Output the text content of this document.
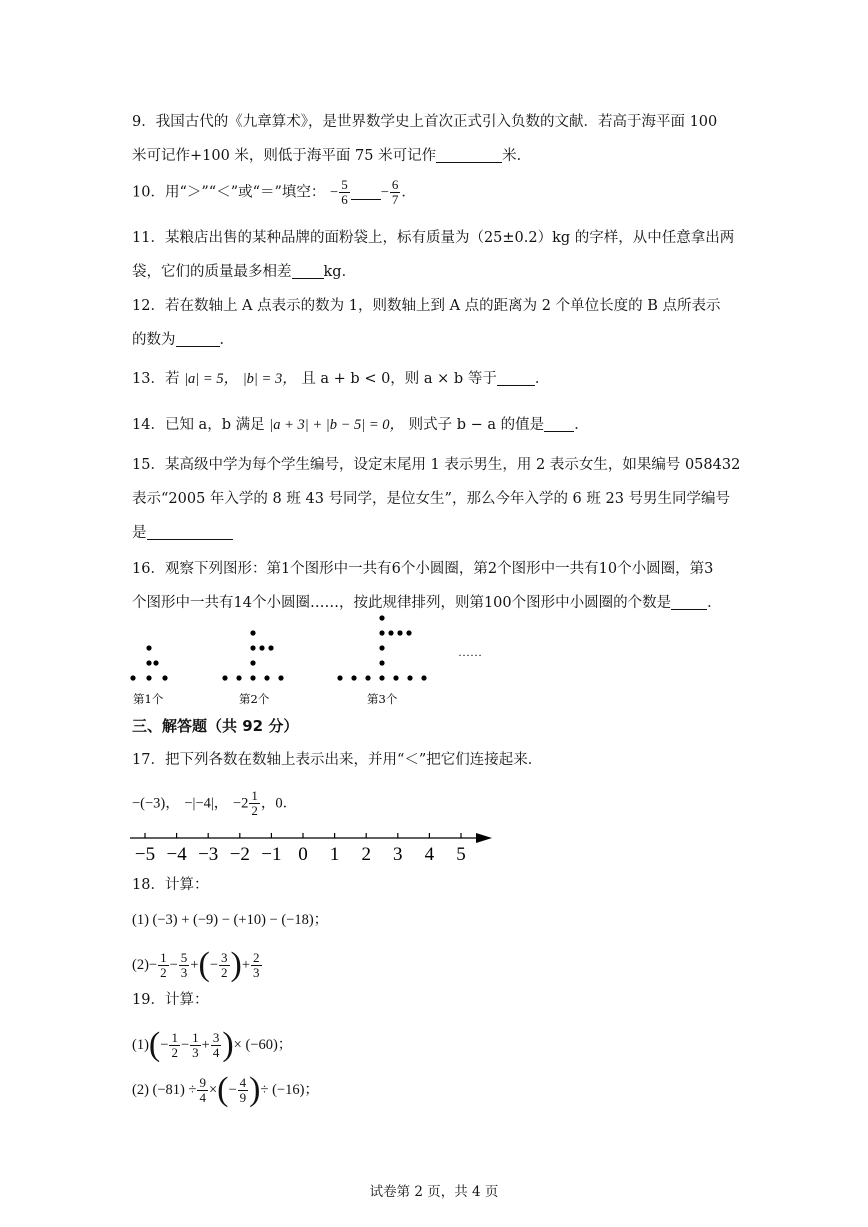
9．我国古代的《九章算术》，是世界数学史上首次正式引入负数的文献．若高于海平面 100
米可记作+100 米，则低于海平面 75 米可记作	米．
10．用“＞”“＜”或“＝”填空： − $\frac{5}{6} - \frac{6}{7}$ ．
11．某粮店出售的某种品牌的面粉袋上，标有质量为（25±0.2）kg 的字样，从中任意拿出两
袋，它们的质量最多相差 kg．
12．若在数轴上 A 点表示的数为 1，则数轴上到 A 点的距离为 2 个单位长度的 B 点所表示
的数为	．
13．若 |a| = 5， |b| = 3， 且 a + b < 0，则 a × b 等于	．
14．已知 a，b 满足 |a + 3| + |b − 5| = 0， 则式子 b − a 的值是 ．
15．某高级中学为每个学生编号，设定末尾用 1 表示男生，用 2 表示女生，如果编号 058432
表示“2005 年入学的 8 班 43 号同学，是位女生”，那么今年入学的 6 班 23 号男生同学编号
是
16．观察下列图形：第1个图形中一共有6个小圆圈，第2个图形中一共有10个小圆圈，第3
个图形中一共有14个小圆圈……，按此规律排列，则第100个图形中小圆圈的个数是 ．
……
第1个	第2个	第3个
三、解答题（共 92 分）
17．把下列各数在数轴上表示出来，并用“＜”把它们连接起来．
−(−3)， −|−4|， $-2 \frac{1}{2}$ ，0．
−5 −4 −3 −2 −1 0 1 2 3 4 5
18．计算：
(1) (−3) + (−9) − (+10) − (−18)；
$(2)- \frac{1}{2} - \frac{5}{3}$ +(− $\frac{3}{2}$ )+ $\frac{2}{3}$
19．计算：
$(1)(- \frac{1}{2} - \frac{1}{3} + \frac{3}{4}$ )× (−60)；
(2) $(-81) \div \frac{9}{4}$ ×(− $\frac{4}{9}$ )÷ (−16)；
试卷第 2 页，共 4 页
